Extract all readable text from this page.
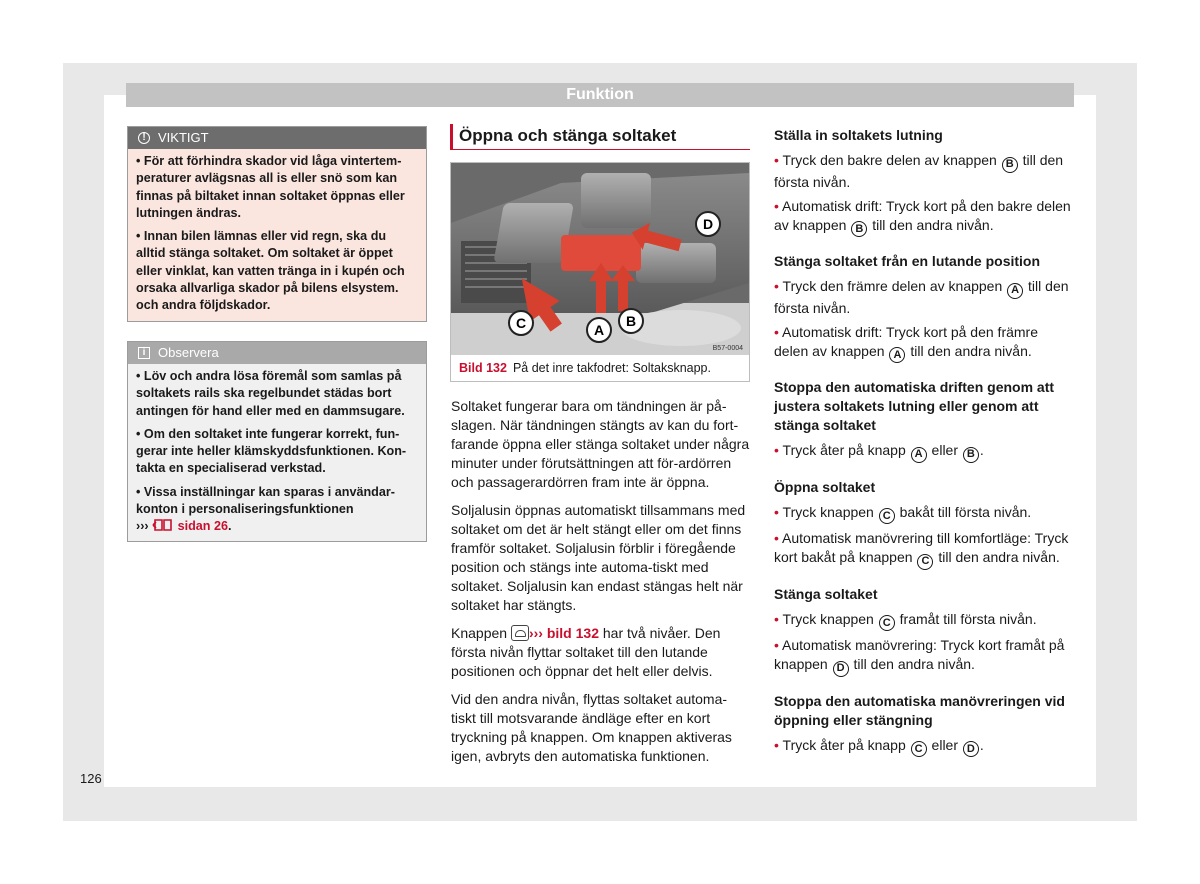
Funktion
126
! VIKTIGT

• För att förhindra skador vid låga vintertem-peraturer avlägsnas all is eller snö som kan finnas på biltaket innan soltaket öppnas eller lutningen ändras.

• Innan bilen lämnas eller vid regn, ska du alltid stänga soltaket. Om soltaket är öppet eller vinklat, kan vatten tränga in i kupén och orsaka allvarliga skador på bilens elsystem. och andra följdskador.

i Observera

• Löv och andra lösa föremål som samlas på soltakets rails ska regelbundet städas bort antingen för hand eller med en dammsugare.

• Om den soltaket inte fungerar korrekt, fun-gerar inte heller klämskyddsfunktionen. Kon-takta en specialiserad verkstad.

• Vissa inställningar kan sparas i användar-konton i personaliseringsfunktionen
››› sidan 26.

Öppna och stänga soltaket
C	A
B
D
B57-0004
Bild 132 På det inre takfodret: Soltaksknapp.

Soltaket fungerar bara om tändningen är på-slagen. När tändningen stängts av kan du fort-farande öppna eller stänga soltaket under några minuter under förutsättningen att för-ardörren och passagerardörren fram inte är öppna.

Soljalusin öppnas automatiskt tillsammans med soltaket om det är helt stängt eller om det finns framför soltaket. Soljalusin förblir i föregående position och stängs inte automa-tiskt med soltaket. Soljalusin kan endast stängas helt när soltaket har stängts.

Knappen ››› bild 132 har två nivåer. Den första nivån flyttar soltaket till den lutande positionen och öppnar det helt eller delvis.

Vid den andra nivån, flyttas soltaket automa-tiskt till motsvarande ändläge efter en kort tryckning på knappen. Om knappen aktiveras igen, avbryts den automatiska funktionen.

Ställa in soltakets lutning

• Tryck den bakre delen av knappen B till den första nivån.

• Automatisk drift: Tryck kort på den bakre delen av knappen B till den andra nivån.

Stänga soltaket från en lutande position

• Tryck den främre delen av knappen A till den första nivån.

• Automatisk drift: Tryck kort på den främre delen av knappen A till den andra nivån.

Stoppa den automatiska driften genom att justera soltakets lutning eller genom att stänga soltaket

• Tryck åter på knapp A eller B .

Öppna soltaket

• Tryck knappen C bakåt till första nivån.

• Automatisk manövrering till komfortläge: Tryck kort bakåt på knappen C till den andra nivån.

Stänga soltaket

• Tryck knappen C framåt till första nivån.

• Automatisk manövrering: Tryck kort framåt på knappen D till den andra nivån.

Stoppa den automatiska manövreringen vid öppning eller stängning

• Tryck åter på knapp C eller D .
